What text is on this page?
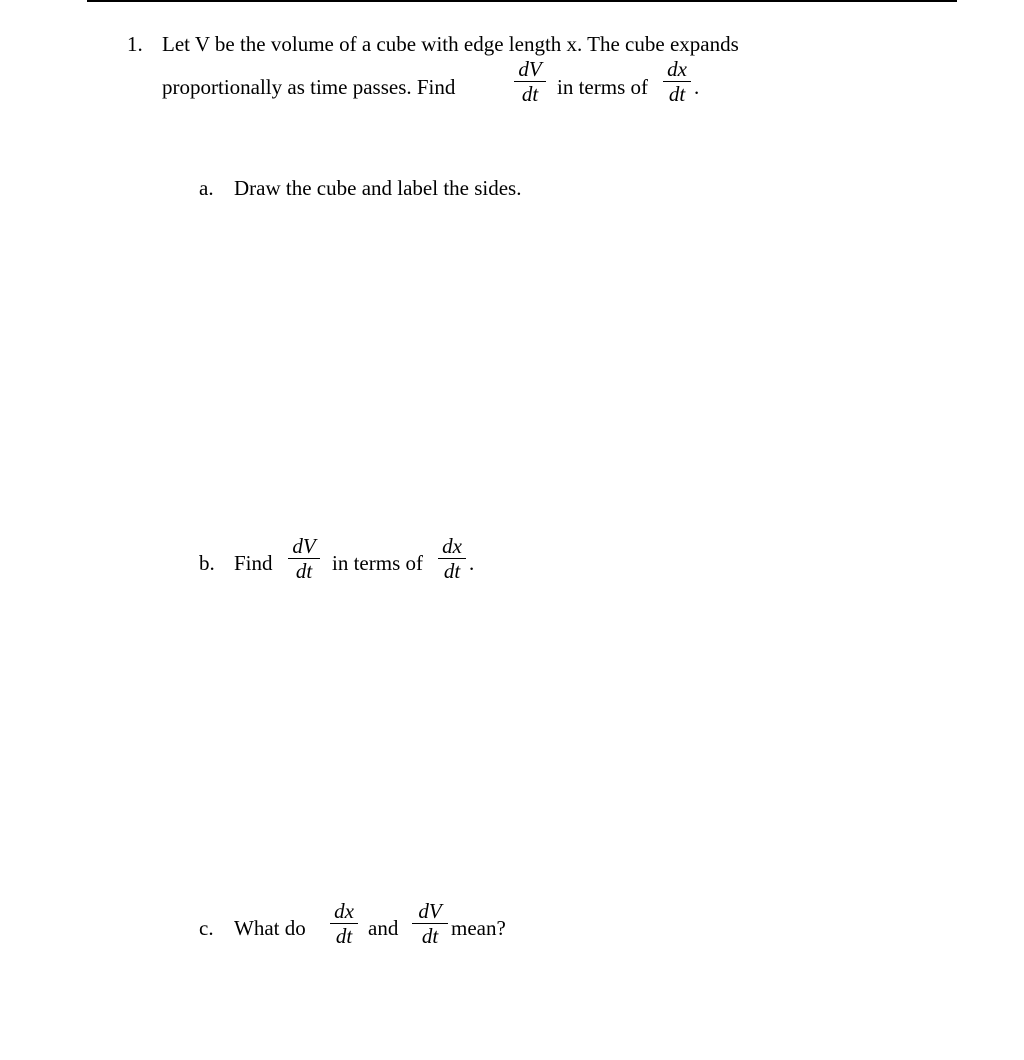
1. Let V be the volume of a cube with edge length x. The cube expands
proportionally as time passes. Find
dV
dt in terms of
dx
dt .
a. Draw the cube and label the sides.
b. Find
dV
dt in terms of
dx
dt .
c. What do
dx
dt and
dV
dt mean?
